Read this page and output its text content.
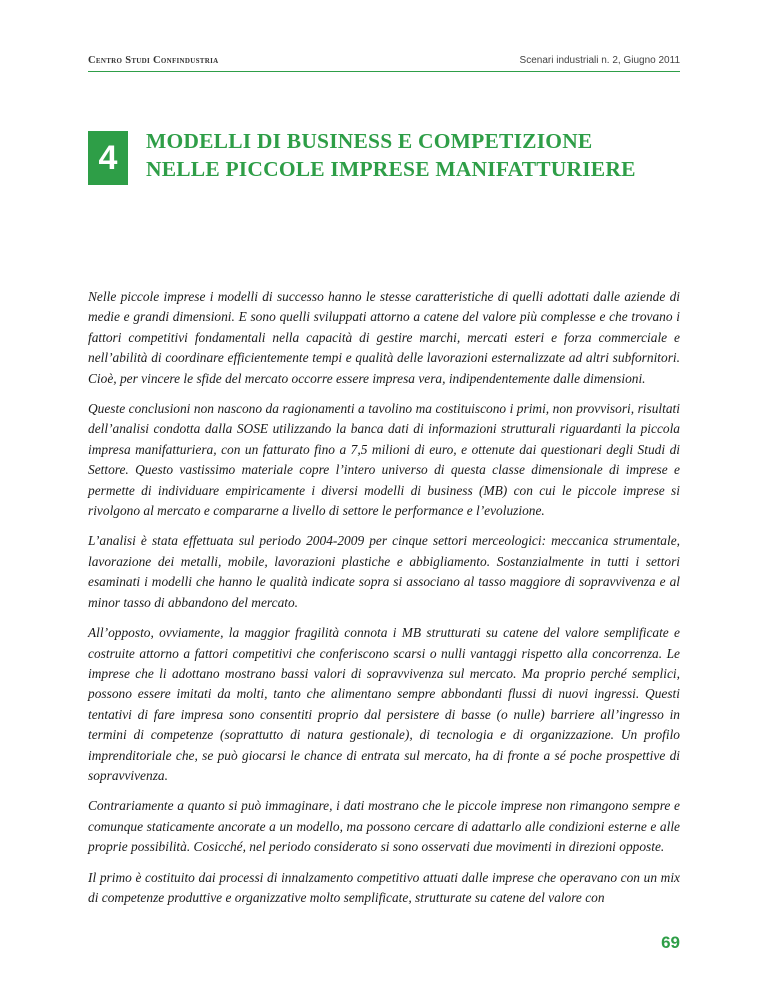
Centro Studi Confindustria	Scenari industriali n. 2, Giugno 2011
4	MODELLI DI BUSINESS E COMPETIZIONE
NELLE PICCOLE IMPRESE MANIFATTURIERE

Nelle piccole imprese i modelli di successo hanno le stesse caratteristiche di quelli adottati dalle aziende di medie e grandi dimensioni. E sono quelli sviluppati attorno a catene del valore più complesse e che trovano i fattori competitivi fondamentali nella capacità di gestire marchi, mercati esteri e forza commerciale e nell’abilità di coordinare efficientemente tempi e qualità delle lavorazioni esternalizzate ad altri subfornitori. Cioè, per vincere le sfide del mercato occorre essere impresa vera, indipendentemente dalle dimensioni.

Queste conclusioni non nascono da ragionamenti a tavolino ma costituiscono i primi, non provvisori, risultati dell’analisi condotta dalla SOSE utilizzando la banca dati di informazioni strutturali riguardanti la piccola impresa manifatturiera, con un fatturato fino a 7,5 milioni di euro, e ottenute dai questionari degli Studi di Settore. Questo vastissimo materiale copre l’intero universo di questa classe dimensionale di imprese e permette di individuare empiricamente i diversi modelli di business (MB) con cui le piccole imprese si rivolgono al mercato e compararne a livello di settore le performance e l’evoluzione.

L’analisi è stata effettuata sul periodo 2004-2009 per cinque settori merceologici: meccanica strumentale, lavorazione dei metalli, mobile, lavorazioni plastiche e abbigliamento. Sostanzialmente in tutti i settori esaminati i modelli che hanno le qualità indicate sopra si associano al tasso maggiore di sopravvivenza e al minor tasso di abbandono del mercato.

All’opposto, ovviamente, la maggior fragilità connota i MB strutturati su catene del valore semplificate e costruite attorno a fattori competitivi che conferiscono scarsi o nulli vantaggi rispetto alla concorrenza. Le imprese che li adottano mostrano bassi valori di sopravvivenza sul mercato. Ma proprio perché semplici, possono essere imitati da molti, tanto che alimentano sempre abbondanti flussi di nuovi ingressi. Questi tentativi di fare impresa sono consentiti proprio dal persistere di basse (o nulle) barriere all’ingresso in termini di competenze (soprattutto di natura gestionale), di tecnologia e di organizzazione. Un profilo imprenditoriale che, se può giocarsi le chance di entrata sul mercato, ha di fronte a sé poche prospettive di sopravvivenza.

Contrariamente a quanto si può immaginare, i dati mostrano che le piccole imprese non rimangono sempre e comunque staticamente ancorate a un modello, ma possono cercare di adattarlo alle condizioni esterne e alle proprie possibilità. Cosicché, nel periodo considerato si sono osservati due movimenti in direzioni opposte.

Il primo è costituito dai processi di innalzamento competitivo attuati dalle imprese che operavano con un mix di competenze produttive e organizzative molto semplificate, strutturate su catene del valore con

69
